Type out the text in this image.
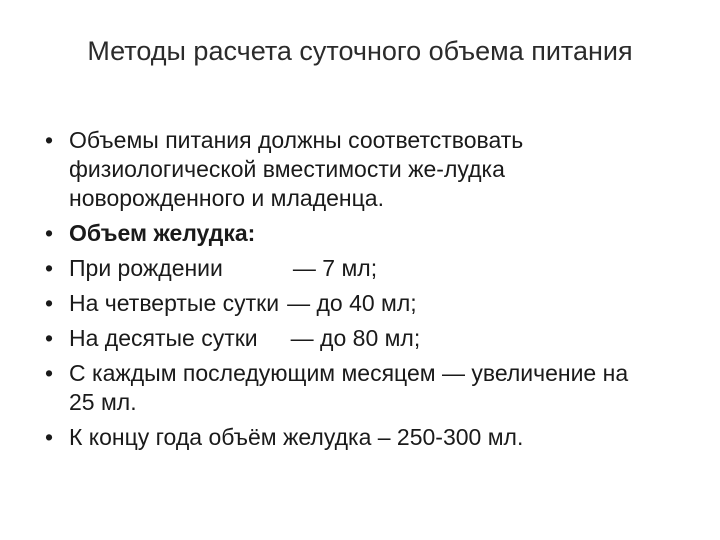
Методы расчета суточного объема питания
• Объемы питания должны соответствовать физиологической вместимости же-лудка новорожденного и младенца.
• Объем желудка:
• При рождении	— 7 мл;
• На четвертые сутки — до 40 мл;
• На десятые сутки — до 80 мл;
• С каждым последующим месяцем — увеличение на 25 мл.
• К концу года объём желудка – 250-300 мл.
